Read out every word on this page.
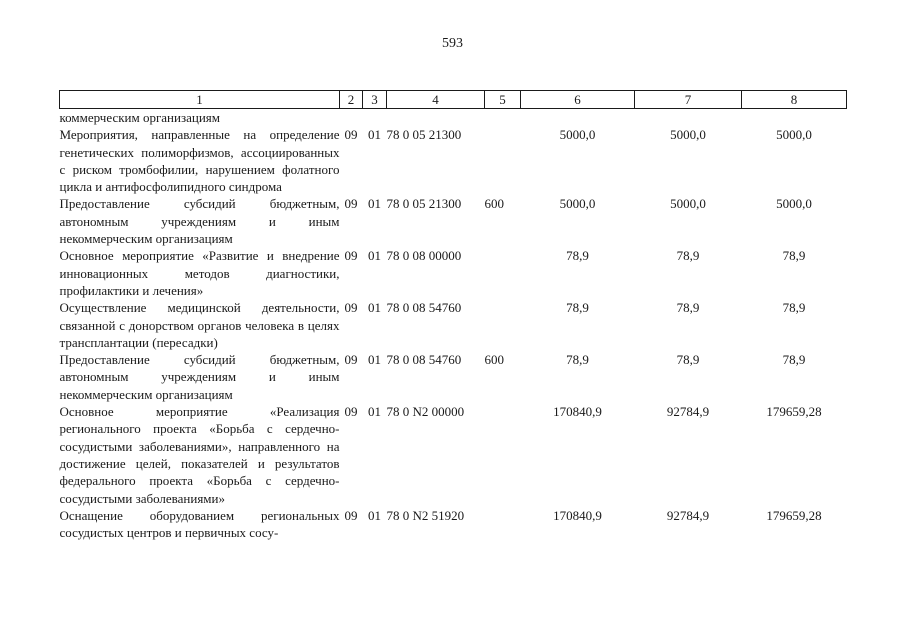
593
1	2	3	4	5	6	7	8
коммерческим организациям							
Мероприятия, направленные на определение генетических полиморфизмов, ассоциированных с риском тромбофилии, нарушением фолатного цикла и антифосфолипидного синдрома	09	01	78 0 05 21300		5000,0	5000,0	5000,0
Предоставление субсидий бюджетным, автономным учреждениям и иным некоммерческим организациям	09	01	78 0 05 21300	600	5000,0	5000,0	5000,0
Основное мероприятие «Развитие и внедрение инновационных методов диагностики, профилактики и лечения»	09	01	78 0 08 00000		78,9	78,9	78,9
Осуществление медицинской деятельности, связанной с донорством органов человека в целях трансплантации (пересадки)	09	01	78 0 08 54760		78,9	78,9	78,9
Предоставление субсидий бюджетным, автономным учреждениям и иным некоммерческим организациям	09	01	78 0 08 54760	600	78,9	78,9	78,9
Основное мероприятие «Реализация регионального проекта «Борьба с сердечно-сосудистыми заболеваниями», направленного на достижение целей, показателей и результатов федерального проекта «Борьба с сердечно-сосудистыми заболеваниями»	09	01	78 0 N2 00000		170840,9	92784,9	179659,28
Оснащение оборудованием региональных сосудистых центров и первичных сосу-	09	01	78 0 N2 51920		170840,9	92784,9	179659,28
